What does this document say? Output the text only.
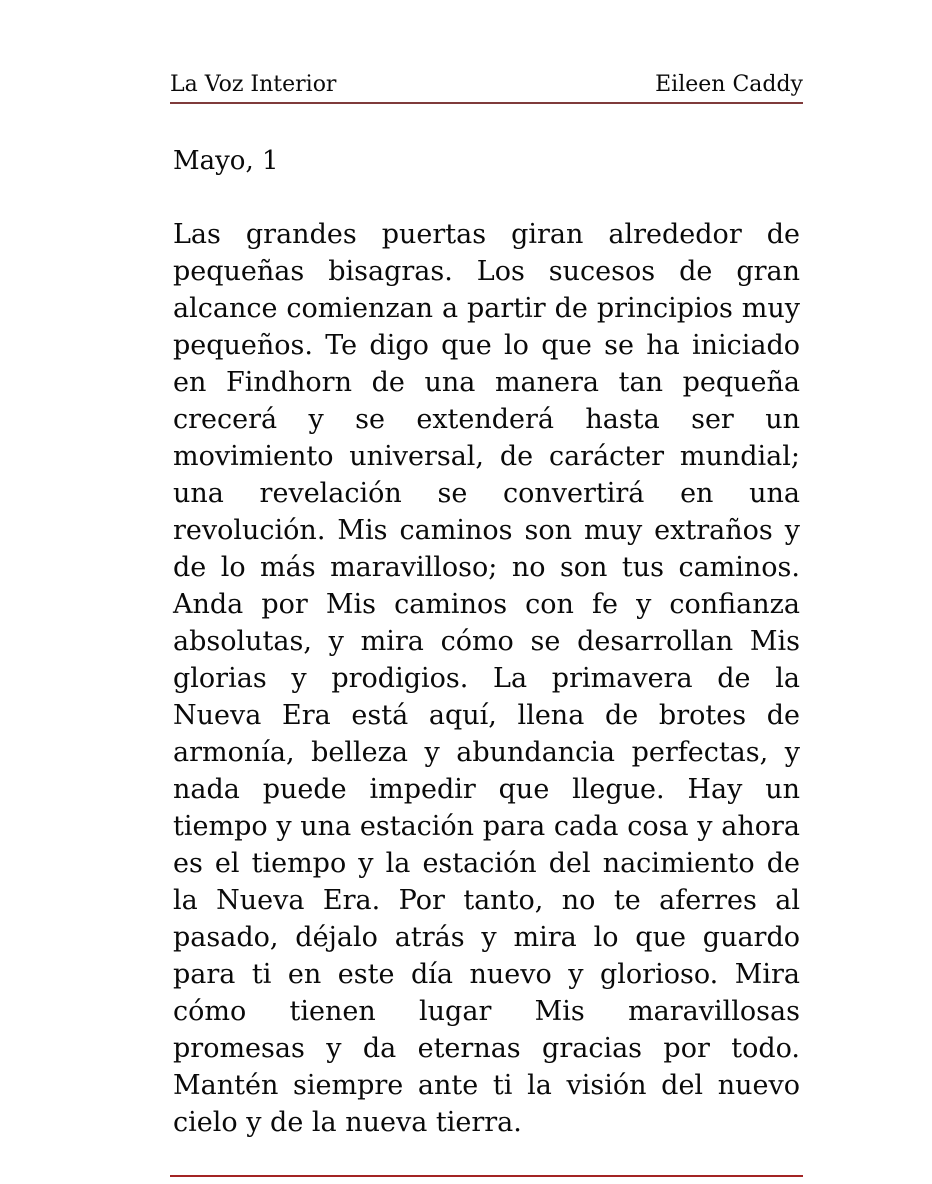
La Voz Interior	Eileen Caddy
Mayo, 1

Las grandes puertas giran alrededor de pequeñas bisagras. Los sucesos de gran alcance comienzan a partir de principios muy pequeños. Te digo que lo que se ha iniciado en Findhorn de una manera tan pequeña crecerá y se extenderá hasta ser un movimiento universal, de carácter mundial; una revelación se convertirá en una revolución. Mis caminos son muy extraños y de lo más maravilloso; no son tus caminos. Anda por Mis caminos con fe y confianza absolutas, y mira cómo se desarrollan Mis glorias y prodigios. La primavera de la Nueva Era está aquí, llena de brotes de armonía, belleza y abundancia perfectas, y nada puede impedir que llegue. Hay un tiempo y una estación para cada cosa y ahora es el tiempo y la estación del nacimiento de la Nueva Era. Por tanto, no te aferres al pasado, déjalo atrás y mira lo que guardo para ti en este día nuevo y glorioso. Mira cómo tienen lugar Mis maravillosas promesas y da eternas gracias por todo. Mantén siempre ante ti la visión del nuevo cielo y de la nueva tierra.
